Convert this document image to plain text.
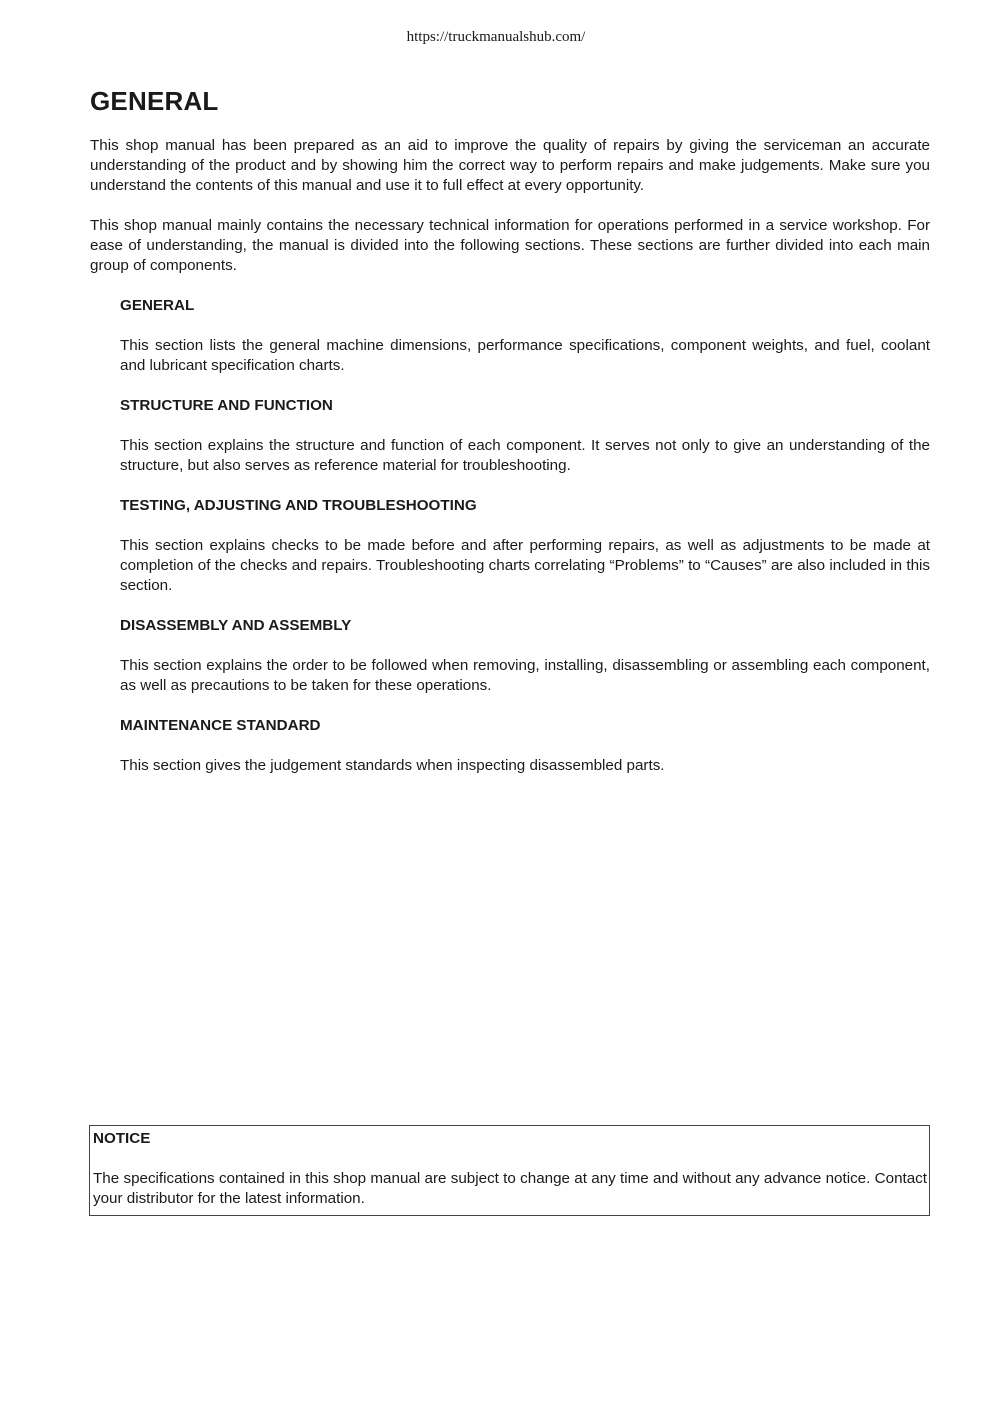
https://truckmanualshub.com/
GENERAL

This shop manual has been prepared as an aid to improve the quality of repairs by giving the serviceman an accurate understanding of the product and by showing him the correct way to perform repairs and make judgements. Make sure you understand the contents of this manual and use it to full effect at every opportunity.

This shop manual mainly contains the necessary technical information for operations performed in a service workshop. For ease of understanding, the manual is divided into the following sections. These sections are further divided into each main group of components.

GENERAL

This section lists the general machine dimensions, performance specifications, component weights, and fuel, coolant and lubricant specification charts.

STRUCTURE AND FUNCTION

This section explains the structure and function of each component. It serves not only to give an understanding of the structure, but also serves as reference material for troubleshooting.

TESTING, ADJUSTING AND TROUBLESHOOTING

This section explains checks to be made before and after performing repairs, as well as adjustments to be made at completion of the checks and repairs. Troubleshooting charts correlating “Problems” to “Causes” are also included in this section.

DISASSEMBLY AND ASSEMBLY

This section explains the order to be followed when removing, installing, disassembling or assembling each component, as well as precautions to be taken for these operations.

MAINTENANCE STANDARD

This section gives the judgement standards when inspecting disassembled parts.

NOTICE

The specifications contained in this shop manual are subject to change at any time and without any advance notice. Contact your distributor for the latest information.
